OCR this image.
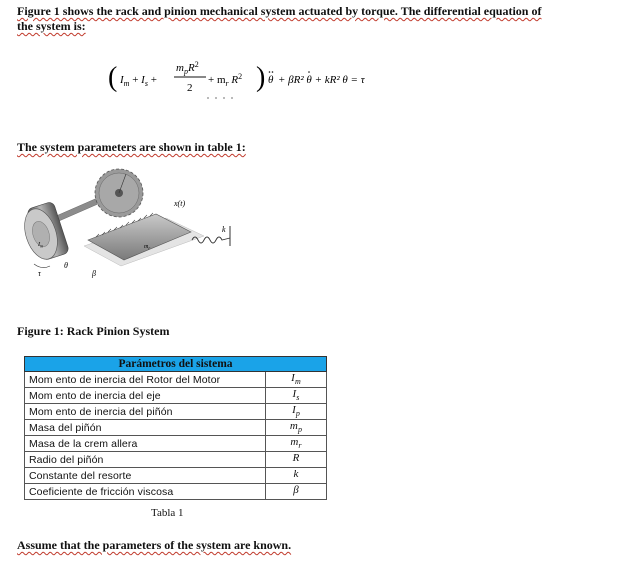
Figure 1 shows the rack and pinion mechanical system actuated by torque. The differential equation of
the system is:
( $I_m + I_s$ +
$m_pR^2$
2
+ $m_r$ $R^2$ ) θ + βR² θ + kR² θ = τ
The system parameters are shown in table 1:
$I_m$
x(t)
$m_r$
k
β
τ
θ
Figure 1: Rack Pinion System
Parámetros del sistema	
Mom ento de inercia del Rotor del Motor	$I_m$
Mom ento de inercia del eje	$I_s$
Mom ento de inercia del piñón	$I_p$
Masa del piñón	$m_p$
Masa de la crem allera	$m_r$
Radio del piñón	R
Constante del resorte	k
Coeficiente de fricción viscosa	β
Tabla 1
Assume that the parameters of the system are known.
